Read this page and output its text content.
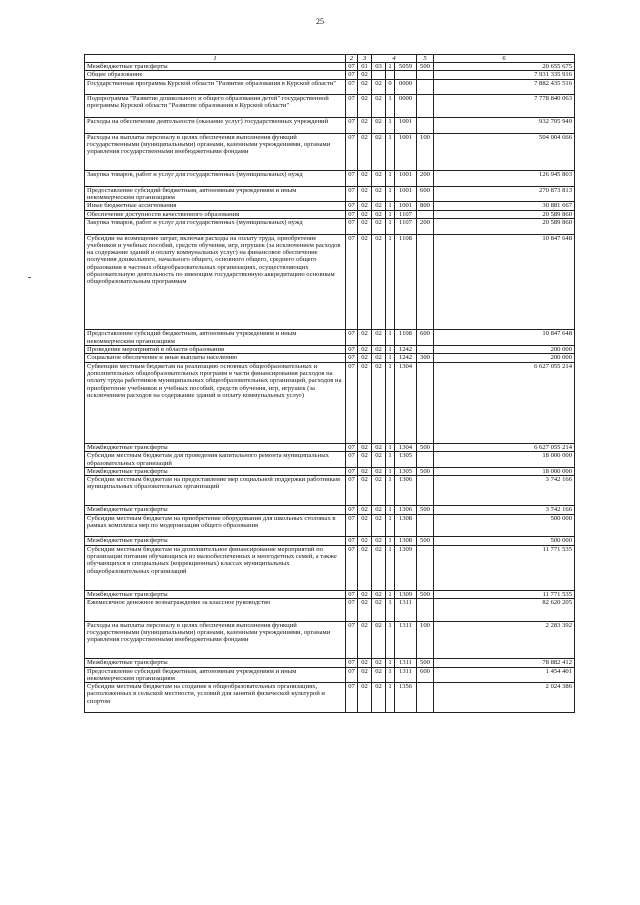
25
1	2	3	4			5	6
Межбюджетные трансферты	07	01	03	1	5059	500	20 655 675
Общее образование	07	02					7 931 335 916
Государственная программа Курской области "Развитие образования в Курской области"	07	02	02	0	0000		7 882 435 516
Подпрограмма "Развитие дошкольного и общего образования детей" государственной программы Курской области "Развитие образования в Курской области"	07	02	02	1	0000		7 778 840 063
Расходы на обеспечение деятельности (оказание услуг) государственных учреждений	07	02	02	1	1001		932 705 949
Расходы на выплаты персоналу в целях обеспечения выполнения функций государственными (муниципальными) органами, казенными учреждениями, органами управления государственными внебюджетными фондами	07	02	02	1	1001	100	504 004 666
Закупка товаров, работ и услуг для государственных (муниципальных) нужд	07	02	02	1	1001	200	126 945 803
Предоставление субсидий бюджетным, автономным учреждениям и иным некоммерческим организациям	07	02	02	1	1001	600	270 873 813
Иные бюджетные ассигнования	07	02	02	1	1001	800	30 881 667
Обеспечение доступности качественного образования	07	02	02	1	1107		20 589 860
Закупка товаров, работ и услуг для государственных (муниципальных) нужд	07	02	02	1	1107	200	20 589 860
Субсидии на возмещение затрат, включая расходы на оплату труда, приобретение учебников и учебных пособий, средств обучения, игр, игрушек (за исключением расходов на содержание зданий и оплату коммунальных услуг) на финансовое обеспечение получения дошкольного, начального общего, основного общего, среднего общего образования в частных общеобразовательных организациях, осуществляющих образовательную деятельность по имеющим государственную аккредитацию основным общеобразовательным программам	07	02	02	1	1108		10 847 648
Предоставление субсидий бюджетным, автономным учреждениям и иным некоммерческим организациям	07	02	02	1	1108	600	10 847 648
Проведение мероприятий в области образования	07	02	02	1	1242		200 000
Социальное обеспечение и иные выплаты населению	07	02	02	1	1242	300	200 000
Субвенции местным бюджетам на реализацию основных общеобразовательных и дополнительных общеобразовательных программ в части финансирования расходов на оплату труда работников муниципальных общеобразовательных организаций, расходов на приобретение учебников и учебных пособий, средств обучения, игр, игрушек (за исключением расходов на содержание зданий и оплату коммунальных услуг)	07	02	02	1	1304		6 627 055 214
Межбюджетные трансферты	07	02	02	1	1304	500	6 627 055 214
Субсидии местным бюджетам для проведения капитального ремонта муниципальных образовательных организаций	07	02	02	1	1305		18 000 000
Межбюджетные трансферты	07	02	02	1	1305	500	18 000 000
Субсидии местным бюджетам на предоставление мер социальной поддержки работникам муниципальных образовательных организаций	07	02	02	1	1306		3 742 166
Межбюджетные трансферты	07	02	02	1	1306	500	3 742 166
Субсидии местным бюджетам на приобретение оборудования для школьных столовых в рамках комплекса мер по модернизации общего образования	07	02	02	1	1308		500 000
Межбюджетные трансферты	07	02	02	1	1308	500	500 000
Субсидии местным бюджетам на дополнительное финансирование мероприятий по организации питания обучающихся из малообеспеченных и многодетных семей, а также обучающихся в специальных (коррекционных) классах муниципальных общеобразовательных организаций	07	02	02	1	1309		11 771 535
Межбюджетные трансферты	07	02	02	1	1309	500	11 771 535
Ежемесячное денежное вознаграждение за классное руководство	07	02	02	1	1311		82 620 205
Расходы на выплаты персоналу в целях обеспечения выполнения функций государственными (муниципальными) органами, казенными учреждениями, органами управления государственными внебюджетными фондами	07	02	02	1	1311	100	2 283 392
Межбюджетные трансферты	07	02	02	1	1311	500	78 882 412
Предоставление субсидий бюджетным, автономным учреждениям и иным некоммерческим организациям	07	02	02	1	1311	600	1 454 401
Субсидии местным бюджетам на создание в общеобразовательных организациях, расположенных в сельской местности, условий для занятий физической культурой и спортом	07	02	02	1	1356		2 024 386
